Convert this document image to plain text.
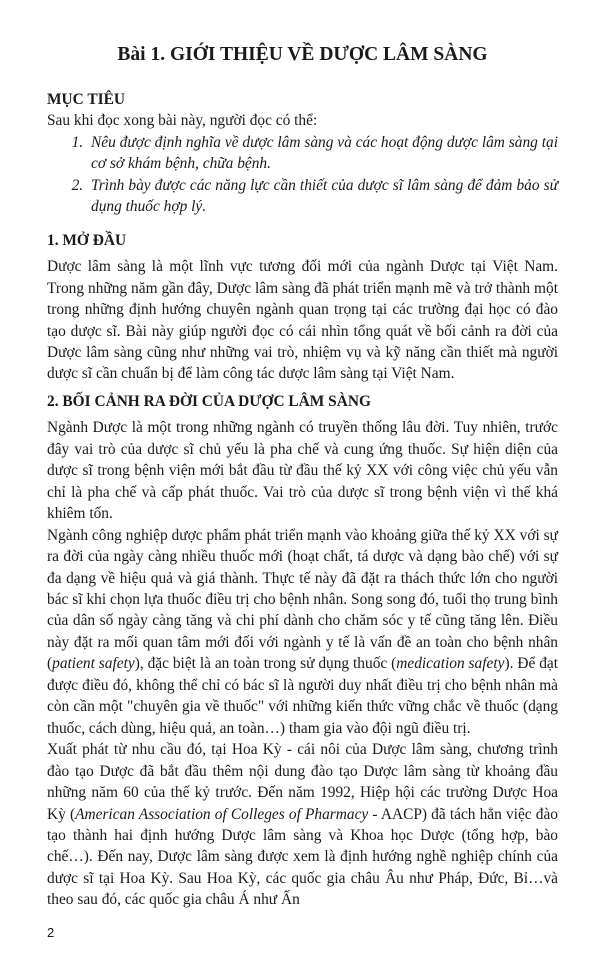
Bài 1. GIỚI THIỆU VỀ DƯỢC LÂM SÀNG
MỤC TIÊU

Sau khi đọc xong bài này, người đọc có thể:

1. Nêu được định nghĩa về dược lâm sàng và các hoạt động dược lâm sàng tại cơ sở khám bệnh, chữa bệnh.
2. Trình bày được các năng lực cần thiết của dược sĩ lâm sàng để đảm bảo sử dụng thuốc hợp lý.
1. MỞ ĐẦU

Dược lâm sàng là một lĩnh vực tương đối mới của ngành Dược tại Việt Nam. Trong những năm gần đây, Dược lâm sàng đã phát triển mạnh mẽ và trở thành một trong những định hướng chuyên ngành quan trọng tại các trường đại học có đào tạo dược sĩ. Bài này giúp người đọc có cái nhìn tổng quát về bối cảnh ra đời của Dược lâm sàng cũng như những vai trò, nhiệm vụ và kỹ năng cần thiết mà người dược sĩ cần chuẩn bị để làm công tác dược lâm sàng tại Việt Nam.

2. BỐI CẢNH RA ĐỜI CỦA DƯỢC LÂM SÀNG

Ngành Dược là một trong những ngành có truyền thống lâu đời. Tuy nhiên, trước đây vai trò của dược sĩ chủ yếu là pha chế và cung ứng thuốc. Sự hiện diện của dược sĩ trong bệnh viện mới bắt đầu từ đầu thế kỷ XX với công việc chủ yếu vẫn chỉ là pha chế và cấp phát thuốc. Vai trò của dược sĩ trong bệnh viện vì thế khá khiêm tốn.

Ngành công nghiệp dược phẩm phát triển mạnh vào khoảng giữa thế kỷ XX với sự ra đời của ngày càng nhiều thuốc mới (hoạt chất, tá dược và dạng bào chế) với sự đa dạng về hiệu quả và giá thành. Thực tế này đã đặt ra thách thức lớn cho người bác sĩ khi chọn lựa thuốc điều trị cho bệnh nhân. Song song đó, tuổi thọ trung bình của dân số ngày càng tăng và chi phí dành cho chăm sóc y tế cũng tăng lên. Điều này đặt ra mối quan tâm mới đối với ngành y tế là vấn đề an toàn cho bệnh nhân (patient safety), đặc biệt là an toàn trong sử dụng thuốc (medication safety). Để đạt được điều đó, không thể chỉ có bác sĩ là người duy nhất điều trị cho bệnh nhân mà còn cần một "chuyên gia về thuốc" với những kiến thức vững chắc về thuốc (dạng thuốc, cách dùng, hiệu quả, an toàn…) tham gia vào đội ngũ điều trị.

Xuất phát từ nhu cầu đó, tại Hoa Kỳ - cái nôi của Dược lâm sàng, chương trình đào tạo Dược đã bắt đầu thêm nội dung đào tạo Dược lâm sàng từ khoảng đầu những năm 60 của thế kỷ trước. Đến năm 1992, Hiệp hội các trường Dược Hoa Kỳ (American Association of Colleges of Pharmacy - AACP) đã tách hẳn việc đào tạo thành hai định hướng Dược lâm sàng và Khoa học Dược (tổng hợp, bào chế…). Đến nay, Dược lâm sàng được xem là định hướng nghề nghiệp chính của dược sĩ tại Hoa Kỳ. Sau Hoa Kỳ, các quốc gia châu Âu như Pháp, Đức, Bỉ…và theo sau đó, các quốc gia châu Á như Ấn

2
